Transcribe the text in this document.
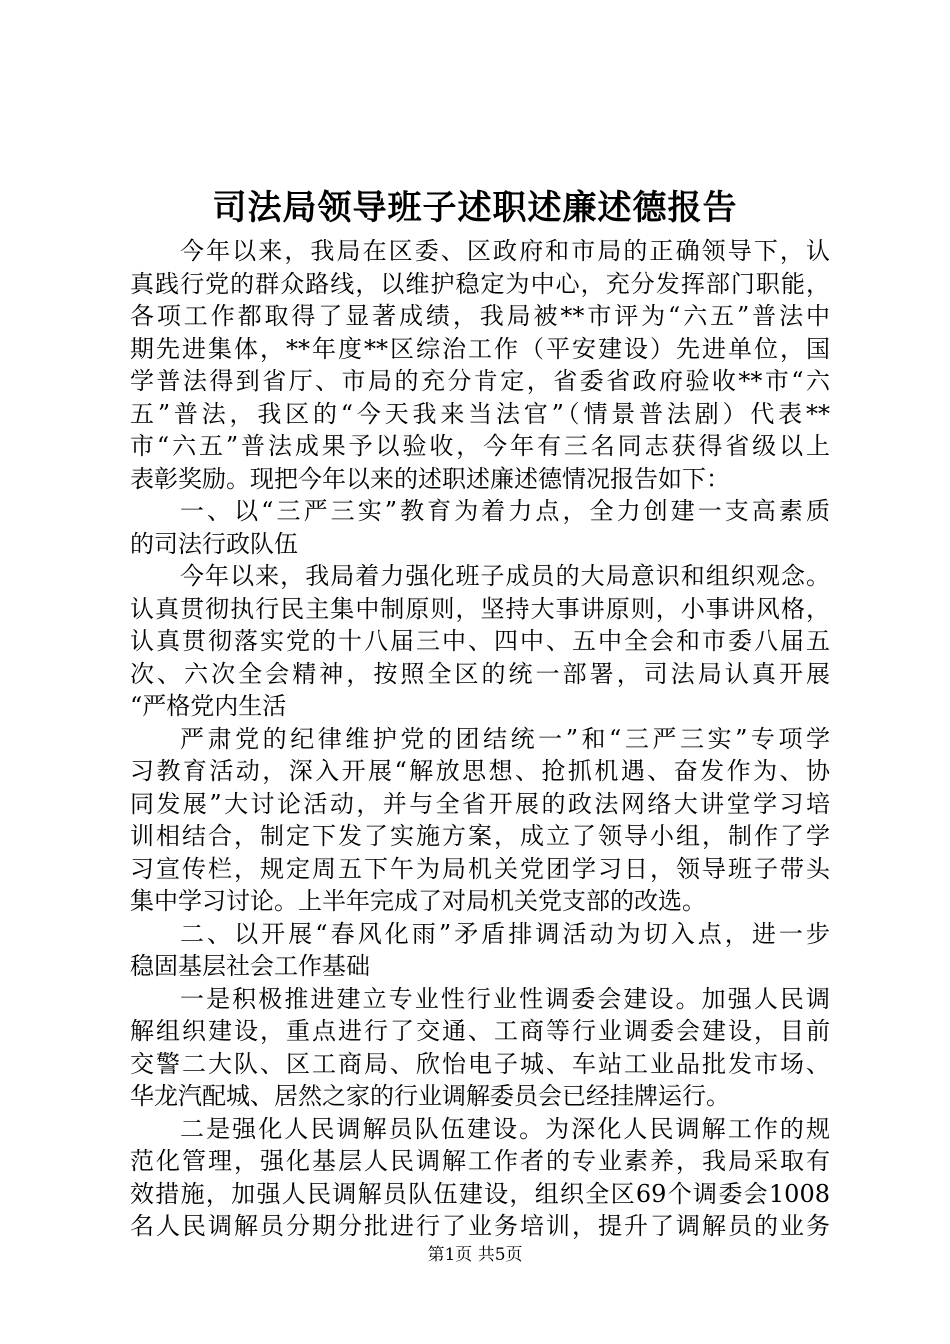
司法局领导班子述职述廉述德报告
今年以来，我局在区委、区政府和市局的正确领导下，认
真践行党的群众路线，以维护稳定为中心，充分发挥部门职能，
各项工作都取得了显著成绩，我局被**市评为“六五”普法中
期先进集体，**年度**区综治工作（平安建设）先进单位，国
学普法得到省厅、市局的充分肯定，省委省政府验收**市“六
五”普法，我区的“今天我来当法官”（情景普法剧）代表**
市“六五”普法成果予以验收，今年有三名同志获得省级以上
表彰奖励。现把今年以来的述职述廉述德情况报告如下：
一、以“三严三实”教育为着力点，全力创建一支高素质
的司法行政队伍
今年以来，我局着力强化班子成员的大局意识和组织观念。
认真贯彻执行民主集中制原则，坚持大事讲原则，小事讲风格，
认真贯彻落实党的十八届三中、四中、五中全会和市委八届五
次、六次全会精神，按照全区的统一部署，司法局认真开展
“严格党内生活
严肃党的纪律维护党的团结统一”和“三严三实”专项学
习教育活动，深入开展“解放思想、抢抓机遇、奋发作为、协
同发展”大讨论活动，并与全省开展的政法网络大讲堂学习培
训相结合，制定下发了实施方案，成立了领导小组，制作了学
习宣传栏，规定周五下午为局机关党团学习日，领导班子带头
集中学习讨论。上半年完成了对局机关党支部的改选。
二、以开展“春风化雨”矛盾排调活动为切入点，进一步
稳固基层社会工作基础
一是积极推进建立专业性行业性调委会建设。加强人民调
解组织建设，重点进行了交通、工商等行业调委会建设，目前
交警二大队、区工商局、欣怡电子城、车站工业品批发市场、
华龙汽配城、居然之家的行业调解委员会已经挂牌运行。
二是强化人民调解员队伍建设。为深化人民调解工作的规
范化管理，强化基层人民调解工作者的专业素养，我局采取有
效措施，加强人民调解员队伍建设，组织全区69个调委会1008
名人民调解员分期分批进行了业务培训，提升了调解员的业务
第1页 共5页
